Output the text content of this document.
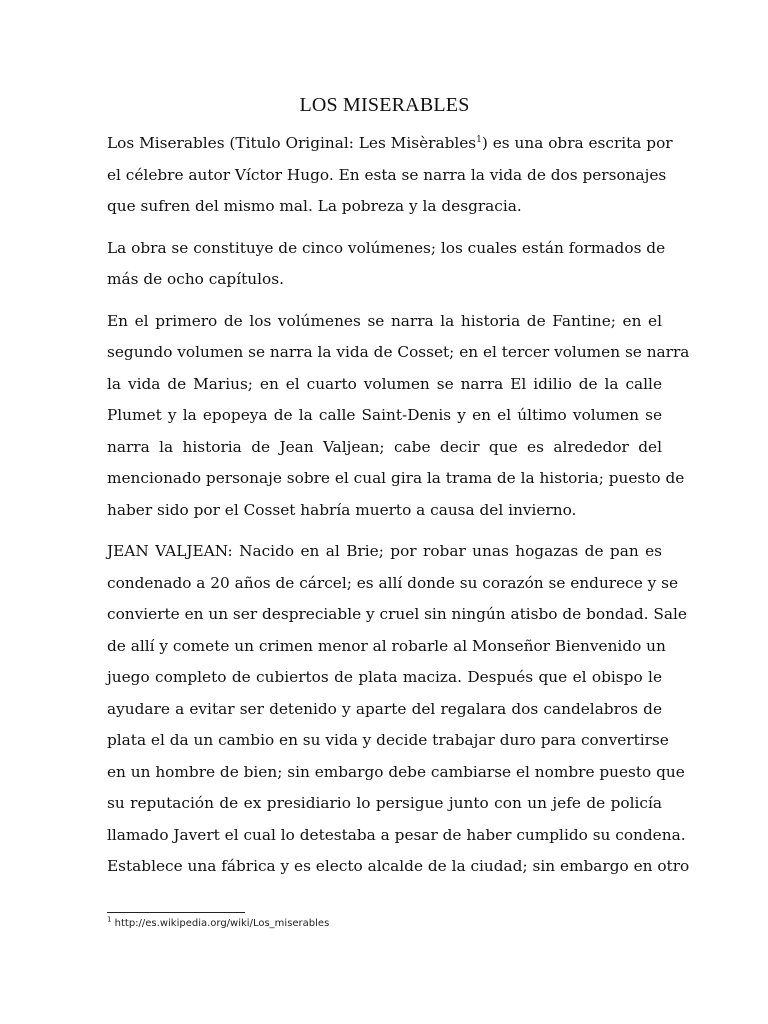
LOS MISERABLES
Los Miserables (Titulo Original: Les Misèrables$^1$) es una obra escrita por
el célebre autor Víctor Hugo. En esta se narra la vida de dos personajes
que sufren del mismo mal. La pobreza y la desgracia.
La obra se constituye de cinco volúmenes; los cuales están formados de
más de ocho capítulos.
En el primero de los volúmenes se narra la historia de Fantine; en el
segundo volumen se narra la vida de Cosset; en el tercer volumen se narra
la vida de Marius; en el cuarto volumen se narra El idilio de la calle
Plumet y la epopeya de la calle Saint-Denis y en el último volumen se
narra la historia de Jean Valjean; cabe decir que es alrededor del
mencionado personaje sobre el cual gira la trama de la historia; puesto de
haber sido por el Cosset habría muerto a causa del invierno.
JEAN VALJEAN: Nacido en al Brie; por robar unas hogazas de pan es
condenado a 20 años de cárcel; es allí donde su corazón se endurece y se
convierte en un ser despreciable y cruel sin ningún atisbo de bondad. Sale
de allí y comete un crimen menor al robarle al Monseñor Bienvenido un
juego completo de cubiertos de plata maciza. Después que el obispo le
ayudare a evitar ser detenido y aparte del regalara dos candelabros de
plata el da un cambio en su vida y decide trabajar duro para convertirse
en un hombre de bien; sin embargo debe cambiarse el nombre puesto que
su reputación de ex presidiario lo persigue junto con un jefe de policía
llamado Javert el cual lo detestaba a pesar de haber cumplido su condena.
Establece una fábrica y es electo alcalde de la ciudad; sin embargo en otro
$^1$ http://es.wikipedia.org/wiki/Los_miserables
